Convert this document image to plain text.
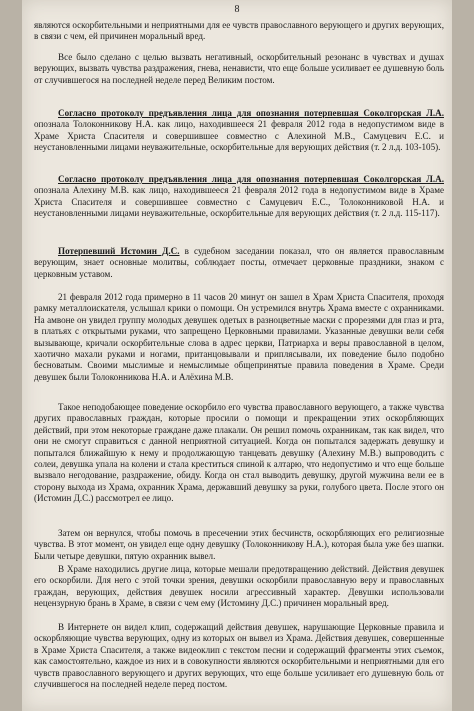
8

являются оскорбительными и неприятными для ее чувств православного верующего и других верующих, в связи с чем, ей причинен моральный вред.

Все было сделано с целью вызвать негативный, оскорбительный резонанс в чувствах и душах верующих, вызвать чувства раздражения, гнева, ненависти, что еще больше усиливает ее душевную боль от случившегося на последней неделе перед Великим постом.

Согласно протоколу предъявления лица для опознания потерпевшая Соколгорская Л.А. опознала Толоконникову Н.А. как лицо, находившееся 21 февраля 2012 года в недопустимом виде в Храме Христа Спасителя и совершившее совместно с Алехиной М.В., Самуцевич Е.С. и неустановленными лицами неуважительные, оскорбительные для верующих действия (т. 2 л.д. 103-105).

Согласно протоколу предъявления лица для опознания потерпевшая Соколгорская Л.А. опознала Алехину М.В. как лицо, находившееся 21 февраля 2012 года в недопустимом виде в Храме Христа Спасителя и совершившее совместно с Самуцевич Е.С., Толоконниковой Н.А. и неустановленными лицами неуважительные, оскорбительные для верующих действия (т. 2 л.д. 115-117).

Потерпевший Истомин Д.С. в судебном заседании показал, что он является православным верующим, знает основные молитвы, соблюдает посты, отмечает церковные праздники, знаком с церковным уставом.

21 февраля 2012 года примерно в 11 часов 20 минут он зашел в Храм Христа Спасителя, проходя рамку металлоискателя, услышал крики о помощи. Он устремился внутрь Храма вместе с охранниками. На амвоне он увидел группу молодых девушек одетых в разноцветные маски с прорезями для глаз и рта, в платьях с открытыми руками, что запрещено Церковными правилами. Указанные девушки вели себя вызывающе, кричали оскорбительные слова в адрес церкви, Патриарха и веры православной в целом, хаотично махали руками и ногами, пританцовывали и приплясывали, их поведение было подобно бесноватым. Своими мыслимые и немыслимые общепринятые правила поведения в Храме. Среди девушек были Толоконникова Н.А. и Алёхина М.В.

Такое неподобающее поведение оскорбило его чувства православного верующего, а также чувства других православных граждан, которые просили о помощи и прекращении этих оскорбляющих действий, при этом некоторые граждане даже плакали. Он решил помочь охранникам, так как видел, что они не смогут справиться с данной неприятной ситуацией. Когда он попытался задержать девушку и попытался ближайшую к нему и продолжающую танцевать девушку (Алехину М.В.) выпроводить с солеи, девушка упала на колени и стала креститься спиной к алтарю, что недопустимо и что еще больше вызвало негодование, раздражение, обиду. Когда он стал выводить девушку, другой мужчина вели ее в сторону выхода из Храма, охранник Храма, державший девушку за руки, голубого цвета. После этого он (Истомин Д.С.) рассмотрел ее лицо.

Затем он вернулся, чтобы помочь в пресечении этих бесчинств, оскорбляющих его религиозные чувства. В этот момент, он увидел еще одну девушку (Толоконникову Н.А.), которая была уже без шапки. Были четыре девушки, пятую охранник вывел.

В Храме находились другие лица, которые мешали предотвращению действий. Действия девушек его оскорбили. Для него с этой точки зрения, девушки оскорбили православную веру и православных граждан, верующих, действия девушек носили агрессивный характер. Девушки использовали нецензурную брань в Храме, в связи с чем ему (Истомину Д.С.) причинен моральный вред.

В Интернете он видел клип, содержащий действия девушек, нарушающие Церковные правила и оскорбляющие чувства верующих, одну из которых он вывел из Храма. Действия девушек, совершенные в Храме Христа Спасителя, а также видеоклип с текстом песни и содержащий фрагменты этих съемок, как самостоятельно, каждое из них и в совокупности являются оскорбительными и неприятными для его чувств православного верующего и других верующих, что еще больше усиливает его душевную боль от случившегося на последней неделе перед постом.
